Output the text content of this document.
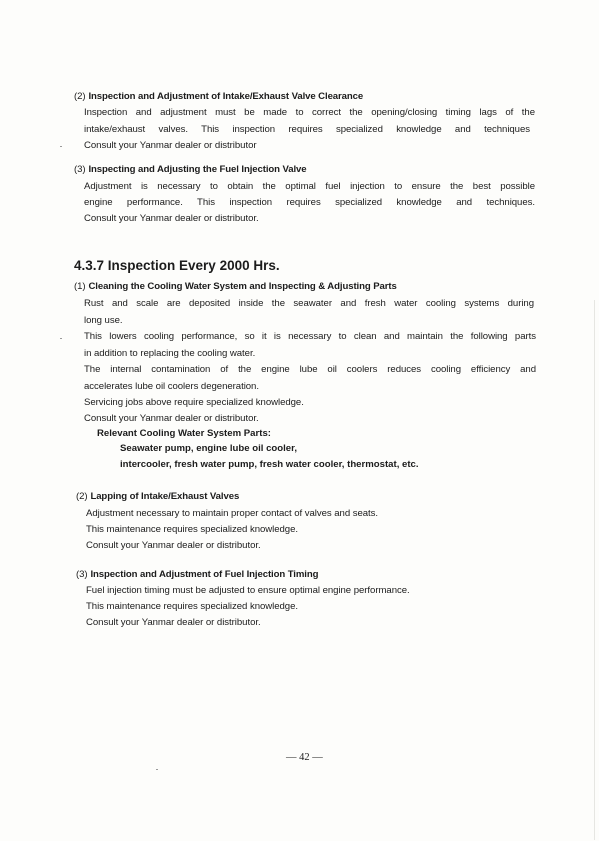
(2) Inspection and Adjustment of Intake/Exhaust Valve Clearance
Inspection and adjustment must be made to correct the opening/closing timing lags of the
intake/exhaust valves. This inspection requires specialized knowledge and techniques
Consult your Yanmar dealer or distributor
(3) Inspecting and Adjusting the Fuel Injection Valve
Adjustment is necessary to obtain the optimal fuel injection to ensure the best possible
engine performance. This inspection requires specialized knowledge and techniques.
Consult your Yanmar dealer or distributor.
4.3.7 Inspection Every 2000 Hrs.
(1) Cleaning the Cooling Water System and Inspecting & Adjusting Parts
Rust and scale are deposited inside the seawater and fresh water cooling systems during
long use.
This lowers cooling performance, so it is necessary to clean and maintain the following parts
in addition to replacing the cooling water.
The internal contamination of the engine lube oil coolers reduces cooling efficiency and
accelerates lube oil coolers degeneration.
Servicing jobs above require specialized knowledge.
Consult your Yanmar dealer or distributor.
Relevant Cooling Water System Parts:
Seawater pump, engine lube oil cooler,
intercooler, fresh water pump, fresh water cooler, thermostat, etc.
(2) Lapping of Intake/Exhaust Valves
Adjustment necessary to maintain proper contact of valves and seats.
This maintenance requires specialized knowledge.
Consult your Yanmar dealer or distributor.
(3) Inspection and Adjustment of Fuel Injection Timing
Fuel injection timing must be adjusted to ensure optimal engine performance.
This maintenance requires specialized knowledge.
Consult your Yanmar dealer or distributor.
— 42 —
